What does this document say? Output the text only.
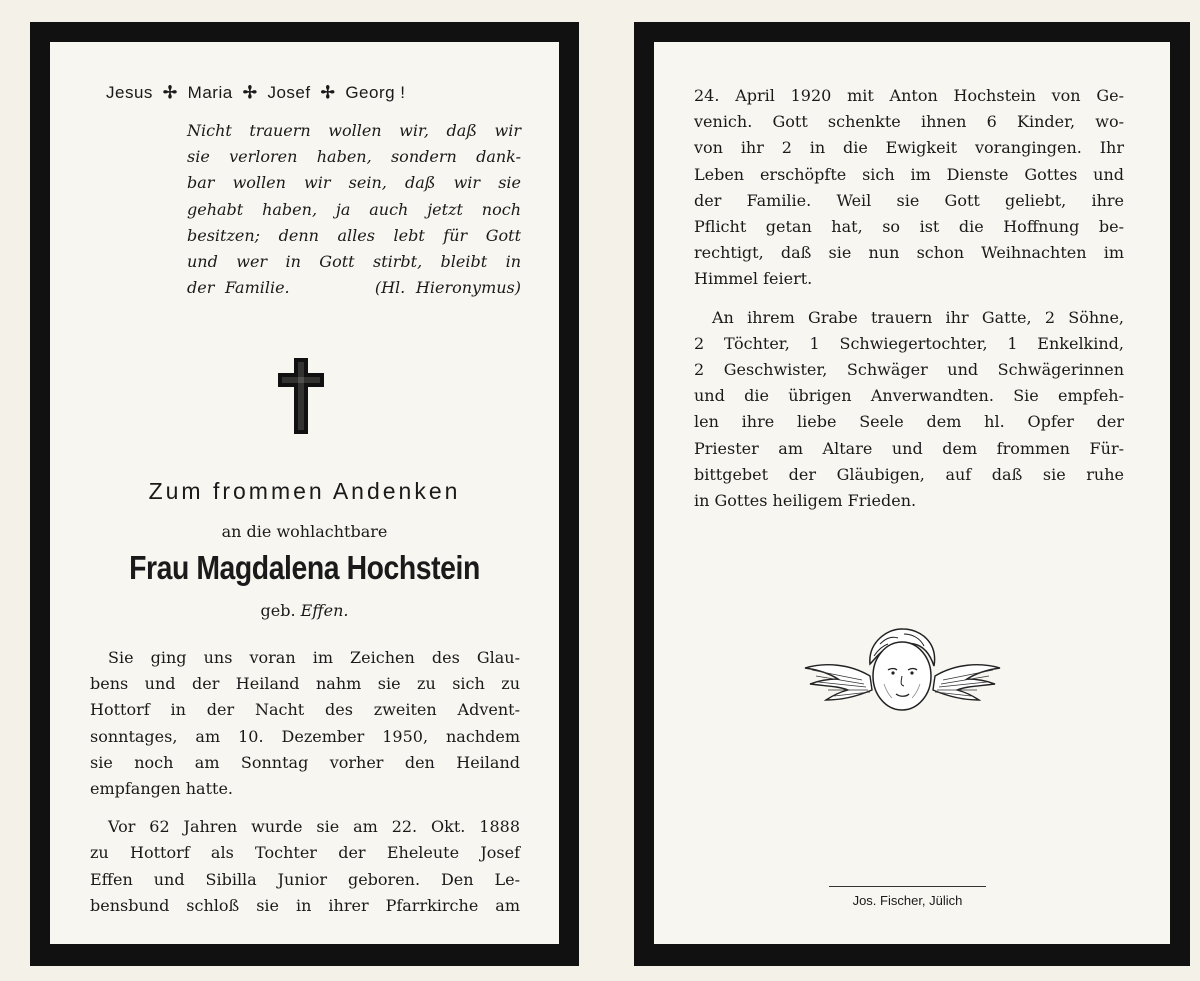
Jesus ✢ Maria ✢ Josef ✢ Georg !
Nicht trauern wollen wir, daß wir
sie verloren haben, sondern dank-
bar wollen wir sein, daß wir sie
gehabt haben, ja auch jetzt noch
besitzen; denn alles lebt für Gott
und wer in Gott stirbt, bleibt in
der Familie.        (Hl. Hieronymus)
Zum frommen Andenken
an die wohlachtbare
Frau Magdalena Hochstein
geb. Effen.
Sie ging uns voran im Zeichen des Glau-
bens und der Heiland nahm sie zu sich zu
Hottorf in der Nacht des zweiten Advent-
sonntages, am 10. Dezember 1950, nachdem
sie noch am Sonntag vorher den Heiland
empfangen hatte.
Vor 62 Jahren wurde sie am 22. Okt. 1888
zu Hottorf als Tochter der Eheleute Josef
Effen und Sibilla Junior geboren. Den Le-
bensbund schloß sie in ihrer Pfarrkirche am
24. April 1920 mit Anton Hochstein von Ge-
venich. Gott schenkte ihnen 6 Kinder, wo-
von ihr 2 in die Ewigkeit vorangingen. Ihr
Leben erschöpfte sich im Dienste Gottes und
der Familie. Weil sie Gott geliebt, ihre
Pflicht getan hat, so ist die Hoffnung be-
rechtigt, daß sie nun schon Weihnachten im
Himmel feiert.
An ihrem Grabe trauern ihr Gatte, 2 Söhne,
2 Töchter, 1 Schwiegertochter, 1 Enkelkind,
2 Geschwister, Schwäger und Schwägerinnen
und die übrigen Anverwandten. Sie empfeh-
len ihre liebe Seele dem hl. Opfer der
Priester am Altare und dem frommen Für-
bittgebet der Gläubigen, auf daß sie ruhe
in Gottes heiligem Frieden.
Jos. Fischer, Jülich
